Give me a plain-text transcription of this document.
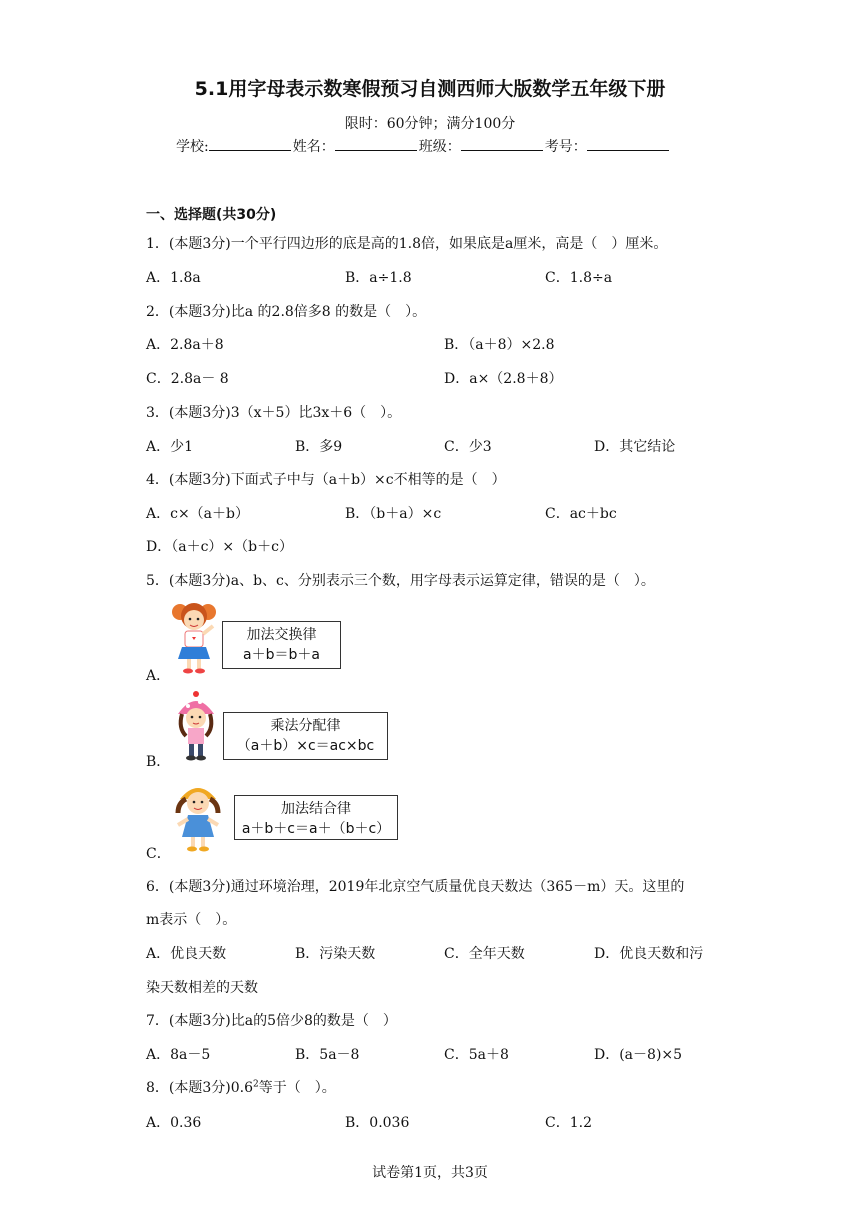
5.1用字母表示数寒假预习自测西师大版数学五年级下册
限时：60分钟；满分100分
学校:	姓名：	班级：	考号：
一、选择题(共30分)
1．(本题3分)一个平行四边形的底是高的1.8倍，如果底是a厘米，高是（　）厘米。
A．1.8a	B．a÷1.8	C．1.8÷a
2．(本题3分)比a 的2.8倍多8 的数是（　）。
A．2.8a＋8	B．（a＋8）×2.8
C．2.8a－ 8	D．a×（2.8＋8）
3．(本题3分)3（x＋5）比3x＋6（　）。
A．少1	B．多9	C．少3	D．其它结论
4．(本题3分)下面式子中与（a＋b）×c不相等的是（　）
A．c×（a＋b）	B．（b＋a）×c	C．ac＋bc
D．（a＋c）×（b＋c）
5．(本题3分)a、b、c、分别表示三个数，用字母表示运算定律，错误的是（　）。
A．
加法交换律
a＋b＝b＋a
B．
乘法分配律
（a＋b）×c＝ac×bc
C．
加法结合律
a＋b＋c＝a＋（b＋c）
6．(本题3分)通过环境治理，2019年北京空气质量优良天数达（365－m）天。这里的
m表示（　）。
A．优良天数	B．污染天数	C．全年天数	D．优良天数和污
染天数相差的天数
7．(本题3分)比a的5倍少8的数是（　）
A．8a－5	B．5a－8	C．5a＋8	D．(a－8)×5
8．(本题3分)$0.6^2$等于（　）。
A．0.36	B．0.036	C．1.2
试卷第1页，共3页
